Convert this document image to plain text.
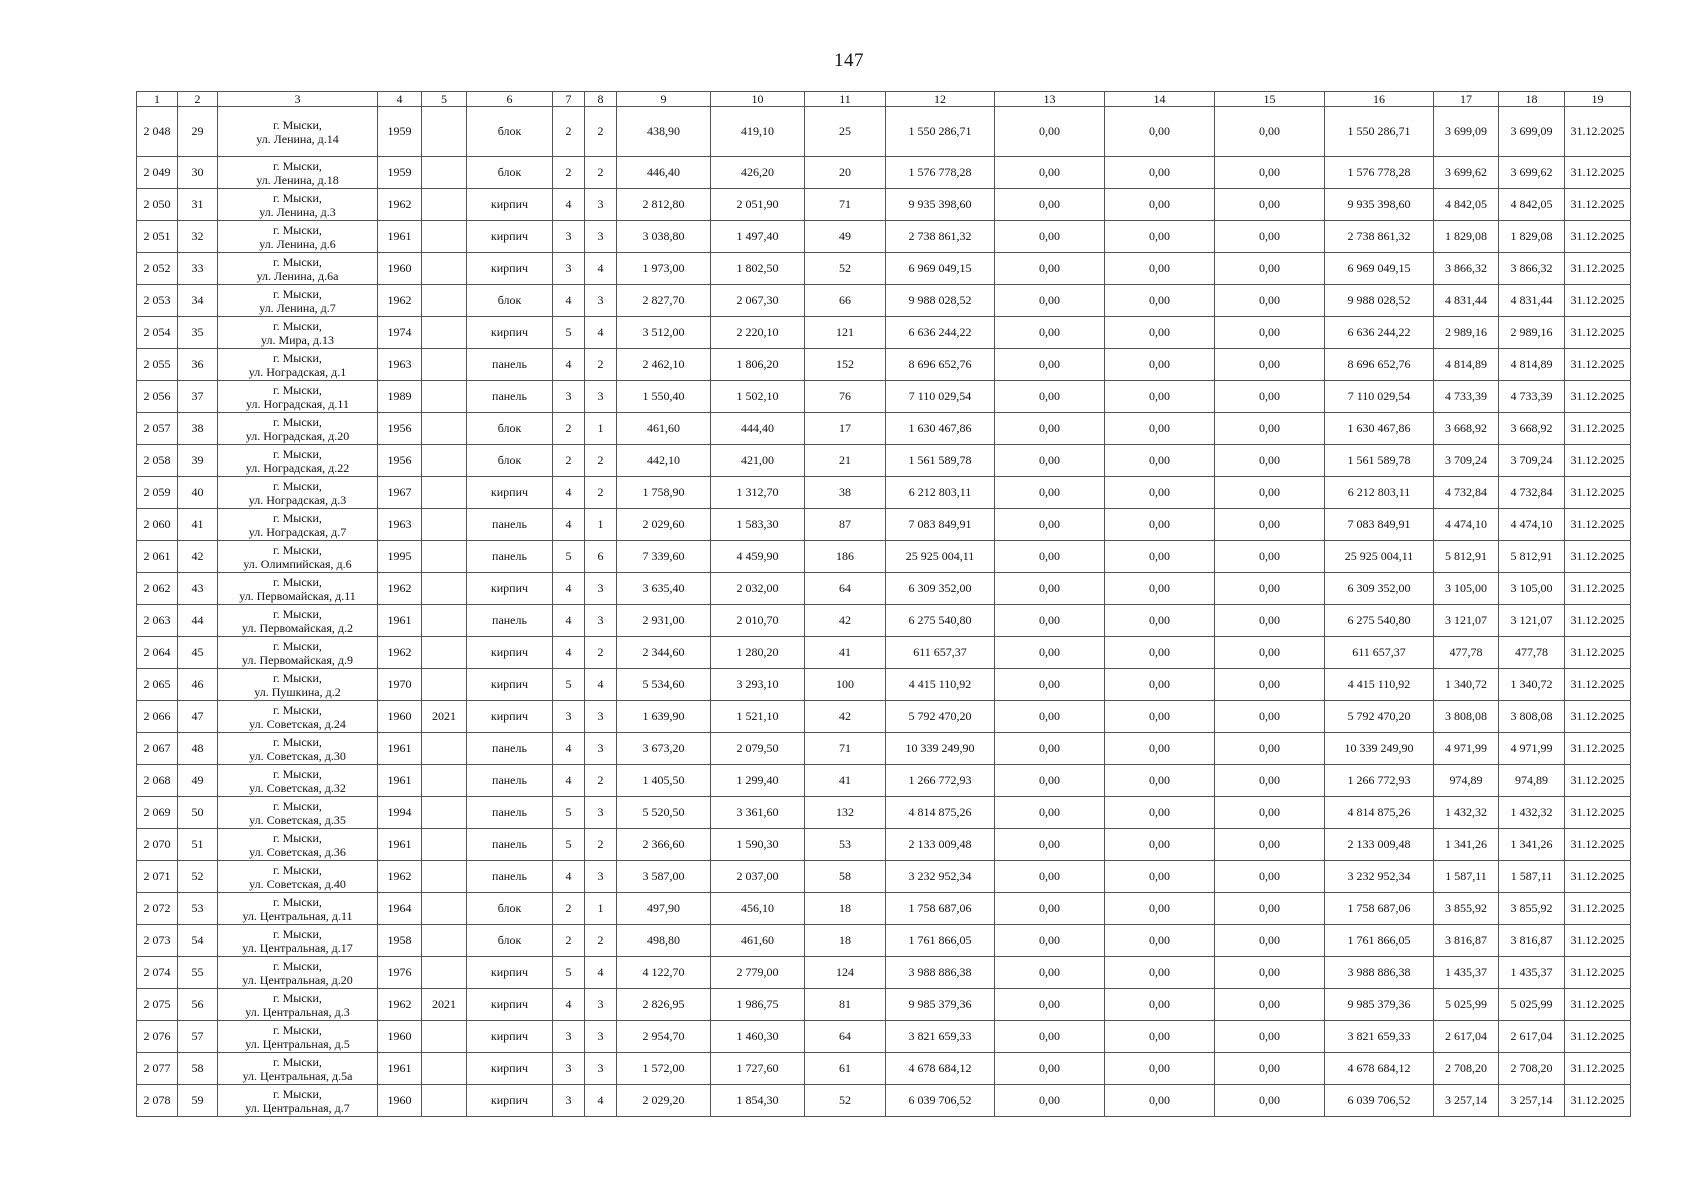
147
1	2	3	4	5	6	7	8	9	10	11	12	13	14	15	16	17	18	19
2 048	29	г. Мыски,
ул. Ленина, д.14	1959		блок	2	2	438,90	419,10	25	1 550 286,71	0,00	0,00	0,00	1 550 286,71	3 699,09	3 699,09	31.12.2025
2 049	30	г. Мыски,
ул. Ленина, д.18	1959		блок	2	2	446,40	426,20	20	1 576 778,28	0,00	0,00	0,00	1 576 778,28	3 699,62	3 699,62	31.12.2025
2 050	31	г. Мыски,
ул. Ленина, д.3	1962		кирпич	4	3	2 812,80	2 051,90	71	9 935 398,60	0,00	0,00	0,00	9 935 398,60	4 842,05	4 842,05	31.12.2025
2 051	32	г. Мыски,
ул. Ленина, д.6	1961		кирпич	3	3	3 038,80	1 497,40	49	2 738 861,32	0,00	0,00	0,00	2 738 861,32	1 829,08	1 829,08	31.12.2025
2 052	33	г. Мыски,
ул. Ленина, д.6а	1960		кирпич	3	4	1 973,00	1 802,50	52	6 969 049,15	0,00	0,00	0,00	6 969 049,15	3 866,32	3 866,32	31.12.2025
2 053	34	г. Мыски,
ул. Ленина, д.7	1962		блок	4	3	2 827,70	2 067,30	66	9 988 028,52	0,00	0,00	0,00	9 988 028,52	4 831,44	4 831,44	31.12.2025
2 054	35	г. Мыски,
ул. Мира, д.13	1974		кирпич	5	4	3 512,00	2 220,10	121	6 636 244,22	0,00	0,00	0,00	6 636 244,22	2 989,16	2 989,16	31.12.2025
2 055	36	г. Мыски,
ул. Ноградская, д.1	1963		панель	4	2	2 462,10	1 806,20	152	8 696 652,76	0,00	0,00	0,00	8 696 652,76	4 814,89	4 814,89	31.12.2025
2 056	37	г. Мыски,
ул. Ноградская, д.11	1989		панель	3	3	1 550,40	1 502,10	76	7 110 029,54	0,00	0,00	0,00	7 110 029,54	4 733,39	4 733,39	31.12.2025
2 057	38	г. Мыски,
ул. Ноградская, д.20	1956		блок	2	1	461,60	444,40	17	1 630 467,86	0,00	0,00	0,00	1 630 467,86	3 668,92	3 668,92	31.12.2025
2 058	39	г. Мыски,
ул. Ноградская, д.22	1956		блок	2	2	442,10	421,00	21	1 561 589,78	0,00	0,00	0,00	1 561 589,78	3 709,24	3 709,24	31.12.2025
2 059	40	г. Мыски,
ул. Ноградская, д.3	1967		кирпич	4	2	1 758,90	1 312,70	38	6 212 803,11	0,00	0,00	0,00	6 212 803,11	4 732,84	4 732,84	31.12.2025
2 060	41	г. Мыски,
ул. Ноградская, д.7	1963		панель	4	1	2 029,60	1 583,30	87	7 083 849,91	0,00	0,00	0,00	7 083 849,91	4 474,10	4 474,10	31.12.2025
2 061	42	г. Мыски,
ул. Олимпийская, д.6	1995		панель	5	6	7 339,60	4 459,90	186	25 925 004,11	0,00	0,00	0,00	25 925 004,11	5 812,91	5 812,91	31.12.2025
2 062	43	г. Мыски,
ул. Первомайская, д.11	1962		кирпич	4	3	3 635,40	2 032,00	64	6 309 352,00	0,00	0,00	0,00	6 309 352,00	3 105,00	3 105,00	31.12.2025
2 063	44	г. Мыски,
ул. Первомайская, д.2	1961		панель	4	3	2 931,00	2 010,70	42	6 275 540,80	0,00	0,00	0,00	6 275 540,80	3 121,07	3 121,07	31.12.2025
2 064	45	г. Мыски,
ул. Первомайская, д.9	1962		кирпич	4	2	2 344,60	1 280,20	41	611 657,37	0,00	0,00	0,00	611 657,37	477,78	477,78	31.12.2025
2 065	46	г. Мыски,
ул. Пушкина, д.2	1970		кирпич	5	4	5 534,60	3 293,10	100	4 415 110,92	0,00	0,00	0,00	4 415 110,92	1 340,72	1 340,72	31.12.2025
2 066	47	г. Мыски,
ул. Советская, д.24	1960	2021	кирпич	3	3	1 639,90	1 521,10	42	5 792 470,20	0,00	0,00	0,00	5 792 470,20	3 808,08	3 808,08	31.12.2025
2 067	48	г. Мыски,
ул. Советская, д.30	1961		панель	4	3	3 673,20	2 079,50	71	10 339 249,90	0,00	0,00	0,00	10 339 249,90	4 971,99	4 971,99	31.12.2025
2 068	49	г. Мыски,
ул. Советская, д.32	1961		панель	4	2	1 405,50	1 299,40	41	1 266 772,93	0,00	0,00	0,00	1 266 772,93	974,89	974,89	31.12.2025
2 069	50	г. Мыски,
ул. Советская, д.35	1994		панель	5	3	5 520,50	3 361,60	132	4 814 875,26	0,00	0,00	0,00	4 814 875,26	1 432,32	1 432,32	31.12.2025
2 070	51	г. Мыски,
ул. Советская, д.36	1961		панель	5	2	2 366,60	1 590,30	53	2 133 009,48	0,00	0,00	0,00	2 133 009,48	1 341,26	1 341,26	31.12.2025
2 071	52	г. Мыски,
ул. Советская, д.40	1962		панель	4	3	3 587,00	2 037,00	58	3 232 952,34	0,00	0,00	0,00	3 232 952,34	1 587,11	1 587,11	31.12.2025
2 072	53	г. Мыски,
ул. Центральная, д.11	1964		блок	2	1	497,90	456,10	18	1 758 687,06	0,00	0,00	0,00	1 758 687,06	3 855,92	3 855,92	31.12.2025
2 073	54	г. Мыски,
ул. Центральная, д.17	1958		блок	2	2	498,80	461,60	18	1 761 866,05	0,00	0,00	0,00	1 761 866,05	3 816,87	3 816,87	31.12.2025
2 074	55	г. Мыски,
ул. Центральная, д.20	1976		кирпич	5	4	4 122,70	2 779,00	124	3 988 886,38	0,00	0,00	0,00	3 988 886,38	1 435,37	1 435,37	31.12.2025
2 075	56	г. Мыски,
ул. Центральная, д.3	1962	2021	кирпич	4	3	2 826,95	1 986,75	81	9 985 379,36	0,00	0,00	0,00	9 985 379,36	5 025,99	5 025,99	31.12.2025
2 076	57	г. Мыски,
ул. Центральная, д.5	1960		кирпич	3	3	2 954,70	1 460,30	64	3 821 659,33	0,00	0,00	0,00	3 821 659,33	2 617,04	2 617,04	31.12.2025
2 077	58	г. Мыски,
ул. Центральная, д.5а	1961		кирпич	3	3	1 572,00	1 727,60	61	4 678 684,12	0,00	0,00	0,00	4 678 684,12	2 708,20	2 708,20	31.12.2025
2 078	59	г. Мыски,
ул. Центральная, д.7	1960		кирпич	3	4	2 029,20	1 854,30	52	6 039 706,52	0,00	0,00	0,00	6 039 706,52	3 257,14	3 257,14	31.12.2025
